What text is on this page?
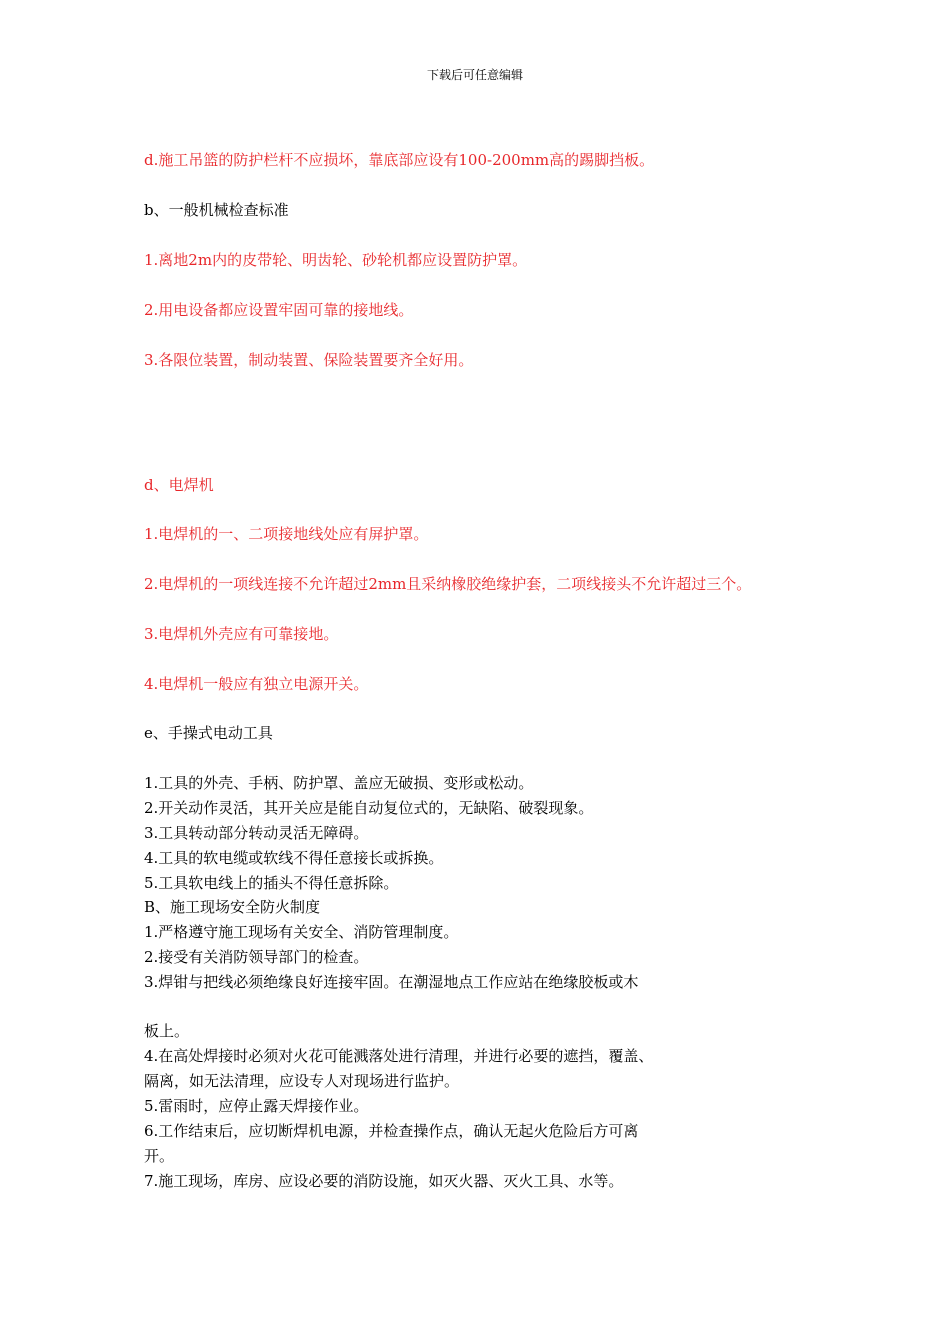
下载后可任意编辑
d.施工吊篮的防护栏杆不应损坏，靠底部应设有100-200mm高的踢脚挡板。
b、一般机械检查标准
1.离地2m内的皮带轮、明齿轮、砂轮机都应设置防护罩。
2.用电设备都应设置牢固可靠的接地线。
3.各限位装置，制动装置、保险装置要齐全好用。
d、电焊机
1.电焊机的一、二项接地线处应有屏护罩。
2.电焊机的一项线连接不允许超过2mm且采纳橡胶绝缘护套，二项线接头不允许超过三个。
3.电焊机外壳应有可靠接地。
4.电焊机一般应有独立电源开关。
e、手操式电动工具
1.工具的外壳、手柄、防护罩、盖应无破损、变形或松动。
2.开关动作灵活，其开关应是能自动复位式的，无缺陷、破裂现象。
3.工具转动部分转动灵活无障碍。
4.工具的软电缆或软线不得任意接长或拆换。
5.工具软电线上的插头不得任意拆除。
B、施工现场安全防火制度
1.严格遵守施工现场有关安全、消防管理制度。
2.接受有关消防领导部门的检查。
3.焊钳与把线必须绝缘良好连接牢固。在潮湿地点工作应站在绝缘胶板或木
板上。
4.在高处焊接时必须对火花可能溅落处进行清理，并进行必要的遮挡，覆盖、
隔离，如无法清理，应设专人对现场进行监护。
5.雷雨时，应停止露天焊接作业。
6.工作结束后，应切断焊机电源，并检查操作点，确认无起火危险后方可离
开。
7.施工现场，库房、应设必要的消防设施，如灭火器、灭火工具、水等。
